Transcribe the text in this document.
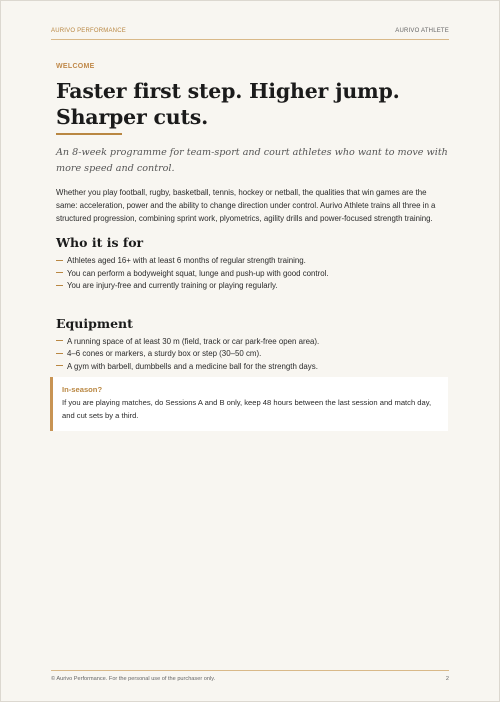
AURIVO PERFORMANCE	AURIVO ATHLETE
WELCOME
Faster first step. Higher jump. Sharper cuts.

An 8-week programme for team-sport and court athletes who want to move with more speed and control.

Whether you play football, rugby, basketball, tennis, hockey or netball, the qualities that win games are the same: acceleration, power and the ability to change direction under control. Aurivo Athlete trains all three in a structured progression, combining sprint work, plyometrics, agility drills and power-focused strength training.

Who it is for
Athletes aged 16+ with at least 6 months of regular strength training.
You can perform a bodyweight squat, lunge and push-up with good control.
You are injury-free and currently training or playing regularly.
Equipment
A running space of at least 30 m (field, track or car park-free open area).
4–6 cones or markers, a sturdy box or step (30–50 cm).
A gym with barbell, dumbbells and a medicine ball for the strength days.

In-season?

If you are playing matches, do Sessions A and B only, keep 48 hours between the last session and match day, and cut sets by a third.

© Aurivo Performance. For the personal use of the purchaser only.	2
